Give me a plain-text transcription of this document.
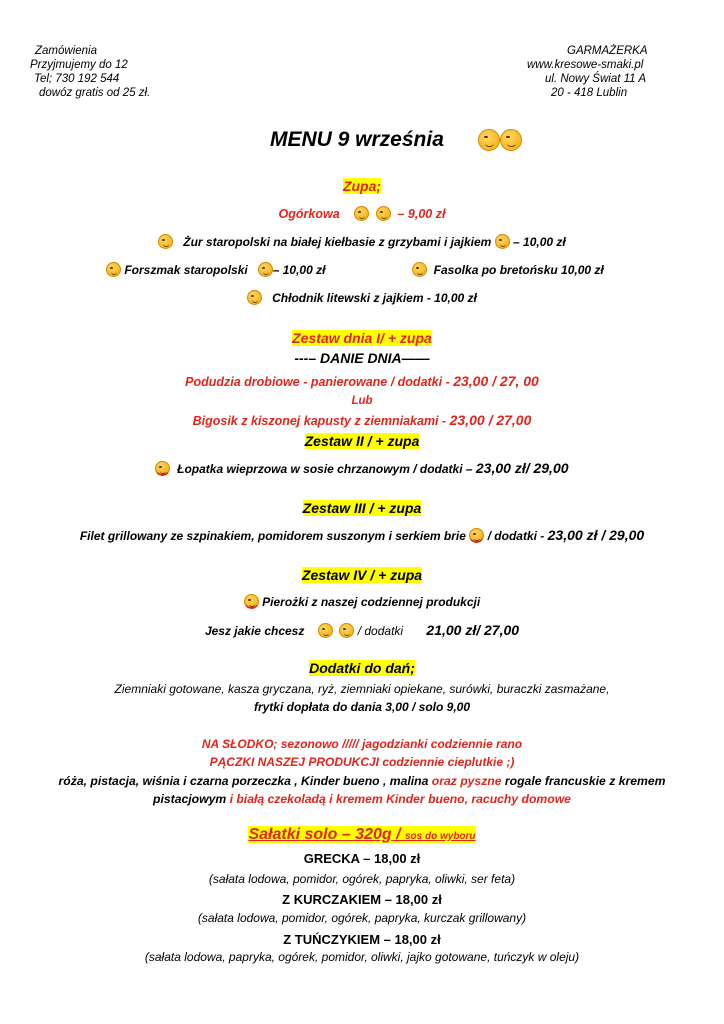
Zamówienia
Przyjmujemy do 12
Tel; 730 192 544
dowóz gratis od 25 zł.
GARMAŻERKA
www.kresowe-smaki.pl
ul. Nowy Świat 11 A
20 - 418 Lublin
MENU 9 września
Zupa;
Ogórkowa	– 9,00 zł
Żur staropolski na białej kiełbasie z grzybami i jajkiem – 10,00 zł
Forszmak staropolski – 10,00 zł	Fasolka po bretońsku 10,00 zł
Chłodnik litewski z jajkiem - 10,00 zł
Zestaw dnia I/ + zupa
---– DANIE DNIA——
Podudzia drobiowe - panierowane / dodatki - 23,00 / 27, 00
Lub
Bigosik z kiszonej kapusty z ziemniakami - 23,00 / 27,00
Zestaw II / + zupa
Łopatka wieprzowa w sosie chrzanowym / dodatki – 23,00 zł/ 29,00
Zestaw III / + zupa
Filet grillowany ze szpinakiem, pomidorem suszonym i serkiem brie  / dodatki - 23,00 zł / 29,00
Zestaw IV / + zupa
Pierożki z naszej codziennej produkcji
Jesz jakie chcesz	/ dodatki 21,00 zł/ 27,00
Dodatki do dań;
Ziemniaki gotowane, kasza gryczana, ryż, ziemniaki opiekane, surówki, buraczki zasmażane,
frytki dopłata do dania 3,00 / solo 9,00
NA SŁODKO; sezonowo ///// jagodzianki codziennie rano
PĄCZKI NASZEJ PRODUKCJI codziennie cieplutkie ;)
róża, pistacja, wiśnia i czarna porzeczka , Kinder bueno , malina oraz pyszne rogale francuskie z kremem
pistacjowym i białą czekoladą i kremem Kinder bueno, racuchy domowe
Sałatki solo – 320g / sos do wyboru
GRECKA – 18,00 zł
(sałata lodowa, pomidor, ogórek, papryka, oliwki, ser feta)
Z KURCZAKIEM – 18,00 zł
(sałata lodowa, pomidor, ogórek, papryka, kurczak grillowany)
Z TUŃCZYKIEM – 18,00 zł
(sałata lodowa, papryka, ogórek, pomidor, oliwki, jajko gotowane, tuńczyk w oleju)
